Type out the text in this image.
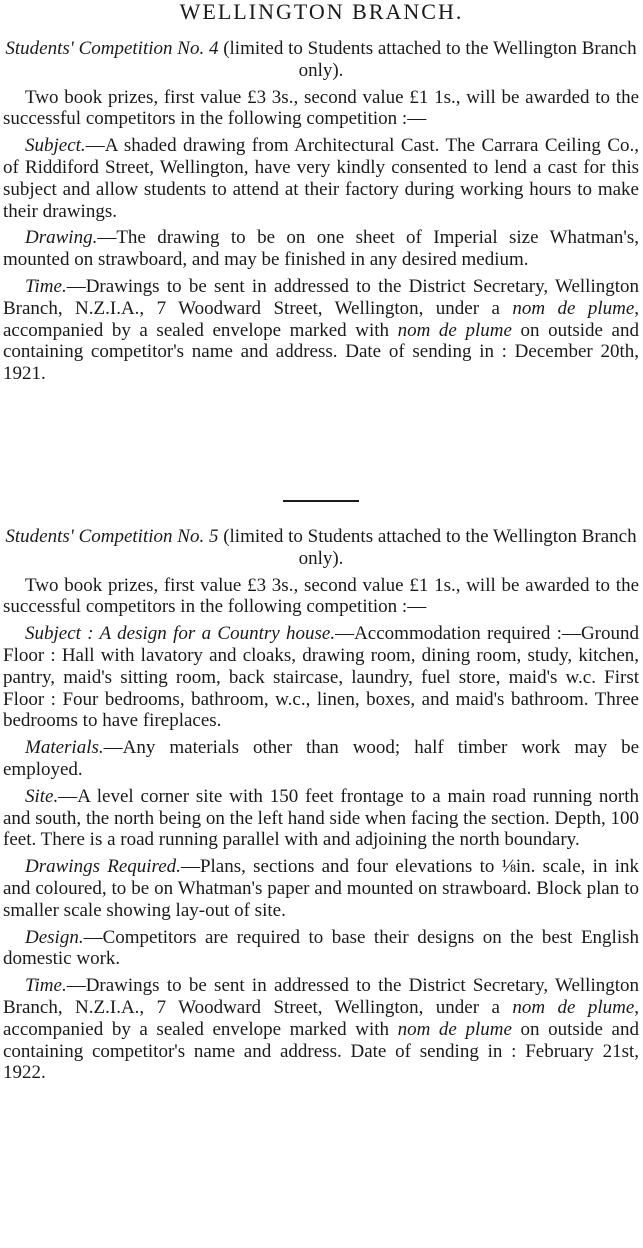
WELLINGTON BRANCH.

Students' Competition No. 4 (limited to Students attached to the Wellington Branch only).

Two book prizes, first value £3 3s., second value £1 1s., will be awarded to the successful competitors in the following competition :—

Subject.—A shaded drawing from Architectural Cast. The Carrara Ceiling Co., of Riddiford Street, Wellington, have very kindly consented to lend a cast for this subject and allow students to attend at their factory during working hours to make their drawings.

Drawing.—The drawing to be on one sheet of Imperial size Whatman's, mounted on strawboard, and may be finished in any desired medium.

Time.—Drawings to be sent in addressed to the District Secretary, Wellington Branch, N.Z.I.A., 7 Woodward Street, Wellington, under a nom de plume, accompanied by a sealed envelope marked with nom de plume on outside and containing competitor's name and address. Date of sending in : December 20th, 1921.

Students' Competition No. 5 (limited to Students attached to the Wellington Branch only).

Two book prizes, first value £3 3s., second value £1 1s., will be awarded to the successful competitors in the following competition :—

Subject : A design for a Country house.—Accommodation required :—Ground Floor : Hall with lavatory and cloaks, drawing room, dining room, study, kitchen, pantry, maid's sitting room, back staircase, laundry, fuel store, maid's w.c. First Floor : Four bedrooms, bathroom, w.c., linen, boxes, and maid's bathroom. Three bedrooms to have fireplaces.

Materials.—Any materials other than wood; half timber work may be employed.

Site.—A level corner site with 150 feet frontage to a main road running north and south, the north being on the left hand side when facing the section. Depth, 100 feet. There is a road running parallel with and adjoining the north boundary.

Drawings Required.—Plans, sections and four elevations to ⅛in. scale, in ink and coloured, to be on Whatman's paper and mounted on strawboard. Block plan to smaller scale showing lay-out of site.

Design.—Competitors are required to base their designs on the best English domestic work.

Time.—Drawings to be sent in addressed to the District Secretary, Wellington Branch, N.Z.I.A., 7 Woodward Street, Wellington, under a nom de plume, accompanied by a sealed envelope marked with nom de plume on outside and containing competitor's name and address. Date of sending in : February 21st, 1922.
